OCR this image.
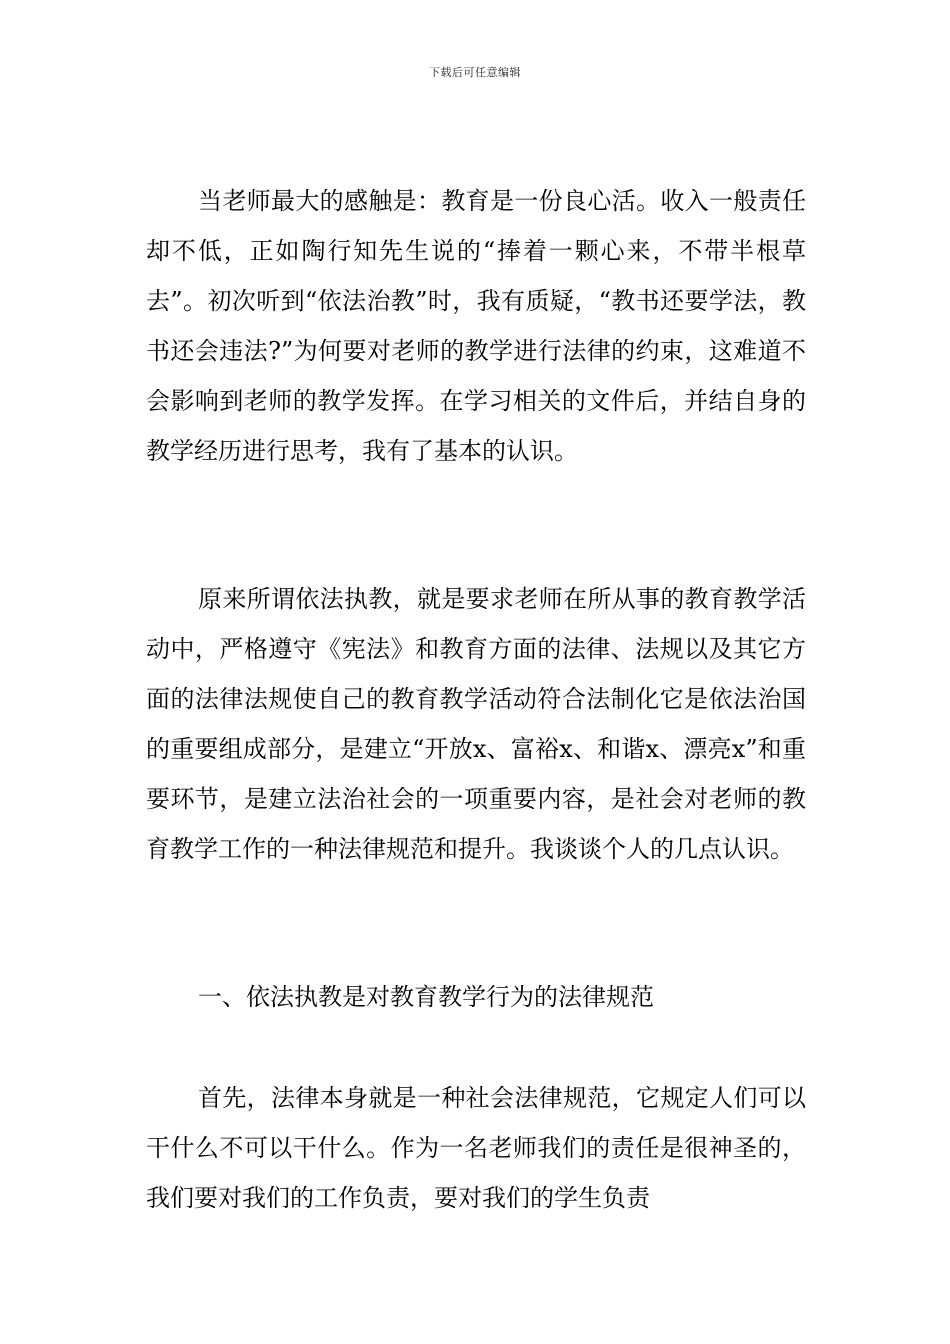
下载后可任意编辑

当老师最大的感触是：教育是一份良心活。收入一般责任却不低，正如陶行知先生说的“捧着一颗心来，不带半根草去”。初次听到“依法治教”时，我有质疑，“教书还要学法，教书还会违法?”为何要对老师的教学进行法律的约束，这难道不会影响到老师的教学发挥。在学习相关的文件后，并结自身的教学经历进行思考，我有了基本的认识。

原来所谓依法执教，就是要求老师在所从事的教育教学活动中，严格遵守《宪法》和教育方面的法律、法规以及其它方面的法律法规使自己的教育教学活动符合法制化它是依法治国的重要组成部分，是建立“开放x、富裕x、和谐x、漂亮x”和重要环节，是建立法治社会的一项重要内容，是社会对老师的教育教学工作的一种法律规范和提升。我谈谈个人的几点认识。

一、依法执教是对教育教学行为的法律规范

首先，法律本身就是一种社会法律规范，它规定人们可以干什么不可以干什么。作为一名老师我们的责任是很神圣的，我们要对我们的工作负责，要对我们的学生负责
